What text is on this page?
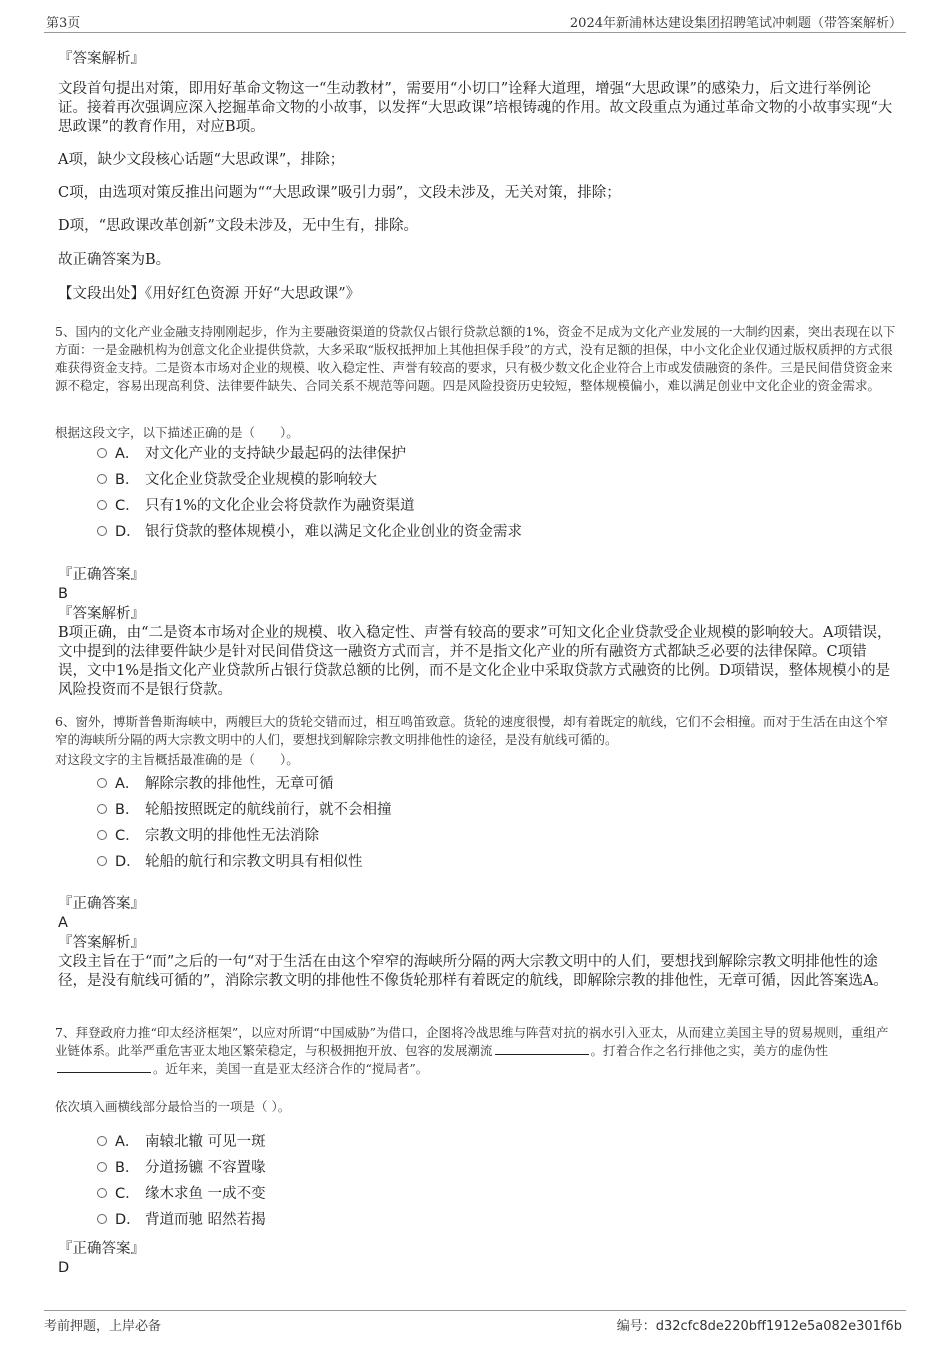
第3页	2024年新浦林达建设集团招聘笔试冲刺题（带答案解析）
『答案解析』
文段首句提出对策，即用好革命文物这一“生动教材”，需要用“小切口”诠释大道理，增强“大思政课”的感染力，后文进行举例论证。接着再次强调应深入挖掘革命文物的小故事，以发挥“大思政课”培根铸魂的作用。故文段重点为通过革命文物的小故事实现“大思政课”的教育作用，对应B项。
A项，缺少文段核心话题“大思政课”，排除；
C项，由选项对策反推出问题为““大思政课”吸引力弱”，文段未涉及，无关对策，排除；
D项，“思政课改革创新”文段未涉及，无中生有，排除。
故正确答案为B。
【文段出处】《用好红色资源 开好“大思政课”》
5、国内的文化产业金融支持刚刚起步，作为主要融资渠道的贷款仅占银行贷款总额的1%，资金不足成为文化产业发展的一大制约因素，突出表现在以下方面：一是金融机构为创意文化企业提供贷款，大多采取“版权抵押加上其他担保手段”的方式，没有足额的担保，中小文化企业仅通过版权质押的方式很难获得资金支持。二是资本市场对企业的规模、收入稳定性、声誉有较高的要求，只有极少数文化企业符合上市或发债融资的条件。三是民间借贷资金来源不稳定，容易出现高利贷、法律要件缺失、合同关系不规范等问题。四是风险投资历史较短，整体规模偏小，难以满足创业中文化企业的资金需求。
根据这段文字，以下描述正确的是（　　）。
A． 对文化产业的支持缺少最起码的法律保护
B． 文化企业贷款受企业规模的影响较大
C． 只有1%的文化企业会将贷款作为融资渠道
D． 银行贷款的整体规模小，难以满足文化企业创业的资金需求
『正确答案』
B
『答案解析』
B项正确，由“二是资本市场对企业的规模、收入稳定性、声誉有较高的要求”可知文化企业贷款受企业规模的影响较大。A项错误，文中提到的法律要件缺少是针对民间借贷这一融资方式而言，并不是指文化产业的所有融资方式都缺乏必要的法律保障。C项错误，文中1%是指文化产业贷款所占银行贷款总额的比例，而不是文化企业中采取贷款方式融资的比例。D项错误，整体规模小的是风险投资而不是银行贷款。
6、窗外，博斯普鲁斯海峡中，两艘巨大的货轮交错而过，相互鸣笛致意。货轮的速度很慢，却有着既定的航线，它们不会相撞。而对于生活在由这个窄窄的海峡所分隔的两大宗教文明中的人们，要想找到解除宗教文明排他性的途径，是没有航线可循的。
对这段文字的主旨概括最准确的是（　　）。
A． 解除宗教的排他性，无章可循
B． 轮船按照既定的航线前行，就不会相撞
C． 宗教文明的排他性无法消除
D． 轮船的航行和宗教文明具有相似性
『正确答案』
A
『答案解析』
文段主旨在于“而”之后的一句“对于生活在由这个窄窄的海峡所分隔的两大宗教文明中的人们，要想找到解除宗教文明排他性的途径，是没有航线可循的”，消除宗教文明的排他性不像货轮那样有着既定的航线，即解除宗教的排他性，无章可循，因此答案选A。
7、拜登政府力推“印太经济框架”，以应对所谓“中国威胁”为借口，企图将冷战思维与阵营对抗的祸水引入亚太，从而建立美国主导的贸易规则，重组产业链体系。此举严重危害亚太地区繁荣稳定，与积极拥抱开放、包容的发展潮流	。打着合作之名行排他之实，美方的虚伪性。近年来，美国一直是亚太经济合作的“搅局者”。
依次填入画横线部分最恰当的一项是（ ）。
A． 南辕北辙 可见一斑
B． 分道扬镳 不容置喙
C． 缘木求鱼 一成不变
D． 背道而驰 昭然若揭
『正确答案』
D
考前押题，上岸必备	编号：d32cfc8de220bff1912e5a082e301f6b
